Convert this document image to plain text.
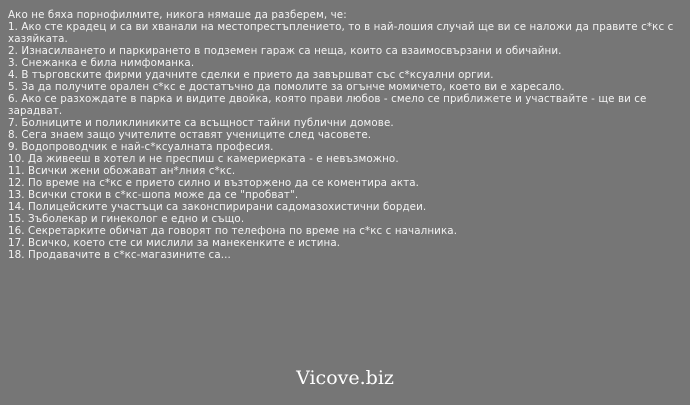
Ако не бяха порнофилмите, никога нямаше да разберем, че:

1. Ако сте крадец и са ви хванали на местопрестъплението, то в най-лошия случай ще ви се наложи да правите с*кс с хазяйката.

2. Изнасилването и паркирането в подземен гараж са неща, които са взаимосвързани и обичайни.

3. Снежанка е била нимфоманка.

4. В търговските фирми удачните сделки е прието да завършват със с*ксуални оргии.

5. За да получите орален с*кс е достатъчно да помолите за огънче момичето, което ви е харесало.

6. Ако се разхождате в парка и видите двойка, която прави любов - смело се приближете и участвайте - ще ви се зарадват.

7. Болниците и поликлиниките са всъщност тайни публични домове.

8. Сега знаем защо учителите оставят учениците след часовете.

9. Водопроводчик е най-с*ксуалната професия.

10. Да живееш в хотел и не преспиш с камериерката - е невъзможно.

11. Всички жени обожават ан*лния с*кс.

12. По време на с*кс е прието силно и възторжено да се коментира акта.

13. Всички стоки в с*кс-шопа може да се "пробват".

14. Полицейските участъци са законспирирани садомазохистични бордеи.

15. Зъболекар и гинеколог е едно и също.

16. Секретарките обичат да говорят по телефона по време на с*кс с началника.

17. Всичко, което сте си мислили за манекенките е истина.

18. Продавачите в с*кс-магазините са...

Vicove.biz
